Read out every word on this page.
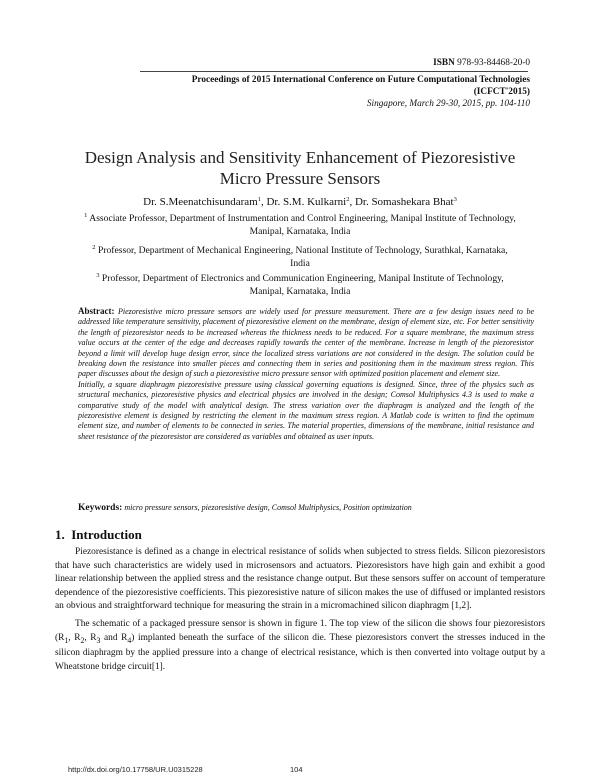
ISBN 978-93-84468-20-0
Proceedings of 2015 International Conference on Future Computational Technologies
(ICFCT'2015)
Singapore, March 29-30, 2015, pp. 104-110
Design Analysis and Sensitivity Enhancement of Piezoresistive
Micro Pressure Sensors
Dr. S.Meenatchisundaram$^1$, Dr. S.M. Kulkarni$^2$, Dr. Somashekara Bhat$^3$
$^1$ Associate Professor, Department of Instrumentation and Control Engineering, Manipal Institute of Technology,
Manipal, Karnataka, India
$^2$ Professor, Department of Mechanical Engineering, National Institute of Technology, Surathkal, Karnataka,
India
$^3$ Professor, Department of Electronics and Communication Engineering, Manipal Institute of Technology,
Manipal, Karnataka, India

Abstract: Piezoresistive micro pressure sensors are widely used for pressure measurement. There are a few design issues need to be addressed like temperature sensitivity, placement of piezoresistive element on the membrane, design of element size, etc. For better sensitivity the length of piezoresistor needs to be increased whereas the thickness needs to be reduced. For a square membrane, the maximum stress value occurs at the center of the edge and decreases rapidly towards the center of the membrane. Increase in length of the piezoresistor beyond a limit will develop huge design error, since the localized stress variations are not considered in the design. The solution could be breaking down the resistance into smaller pieces and connecting them in series and positioning them in the maximum stress region. This paper discusses about the design of such a piezoresistive micro pressure sensor with optimized position placement and element size.

Initially, a square diaphragm piezoresistive pressure using classical governing equations is designed. Since, three of the physics such as structural mechanics, piezoresistive physics and electrical physics are involved in the design; Comsol Multiphysics 4.3 is used to make a comparative study of the model with analytical design. The stress variation over the diaphragm is analyzed and the length of the piezoresistive element is designed by restricting the element in the maximum stress region. A Matlab code is written to find the optimum element size, and number of elements to be connected in series. The material properties, dimensions of the membrane, initial resistance and sheet resistance of the piezoresistor are considered as variables and obtained as user inputs.

Keywords: micro pressure sensors, piezoresistive design, Comsol Multiphysics, Position optimization
1. Introduction

Piezoresistance is defined as a change in electrical resistance of solids when subjected to stress fields. Silicon piezoresistors that have such characteristics are widely used in microsensors and actuators. Piezoresistors have high gain and exhibit a good linear relationship between the applied stress and the resistance change output. But these sensors suffer on account of temperature dependence of the piezoresistive coefficients. This piezoresistive nature of silicon makes the use of diffused or implanted resistors an obvious and straightforward technique for measuring the strain in a micromachined silicon diaphragm [1,2].

The schematic of a packaged pressure sensor is shown in figure 1. The top view of the silicon die shows four piezoresistors ($R_1$, $R_2$, $R_3$ and $R_4$) implanted beneath the surface of the silicon die. These piezoresistors convert the stresses induced in the silicon diaphragm by the applied pressure into a change of electrical resistance, which is then converted into voltage output by a Wheatstone bridge circuit[1].

http://dx.doi.org/10.17758/UR.U0315228	104
